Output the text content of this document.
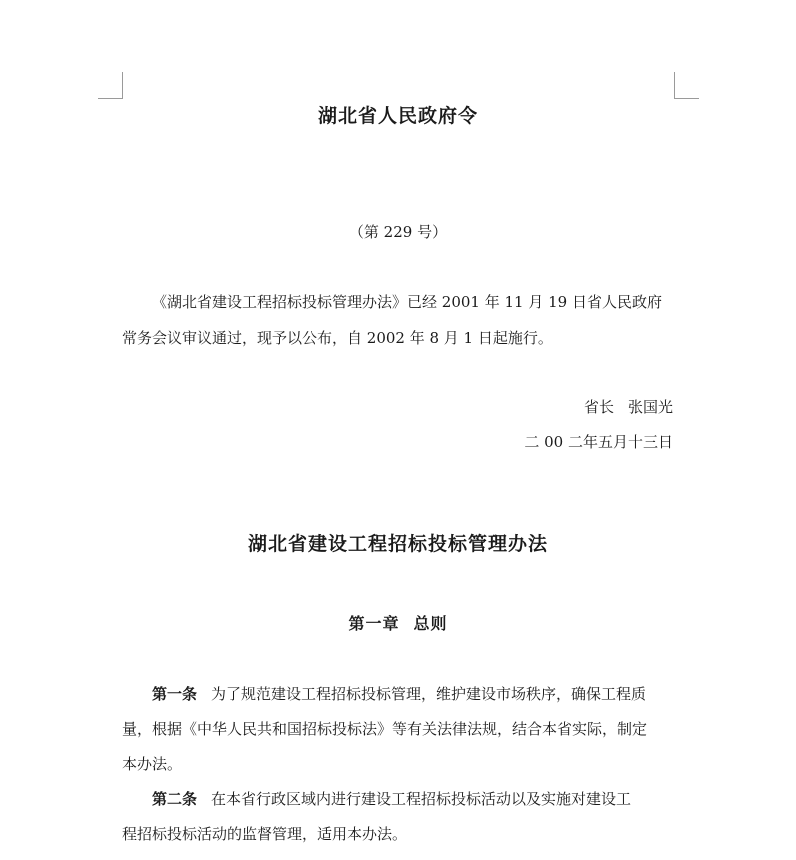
湖北省人民政府令
（第 229 号）
《湖北省建设工程招标投标管理办法》已经 2001 年 11 月 19 日省人民政府
常务会议审议通过，现予以公布，自 2002 年 8 月 1 日起施行。
省长 张国光
二 00 二年五月十三日
湖北省建设工程招标投标管理办法
第一章 总则
第一条 为了规范建设工程招标投标管理，维护建设市场秩序，确保工程质
量，根据《中华人民共和国招标投标法》等有关法律法规，结合本省实际，制定
本办法。
第二条 在本省行政区域内进行建设工程招标投标活动以及实施对建设工
程招标投标活动的监督管理，适用本办法。
